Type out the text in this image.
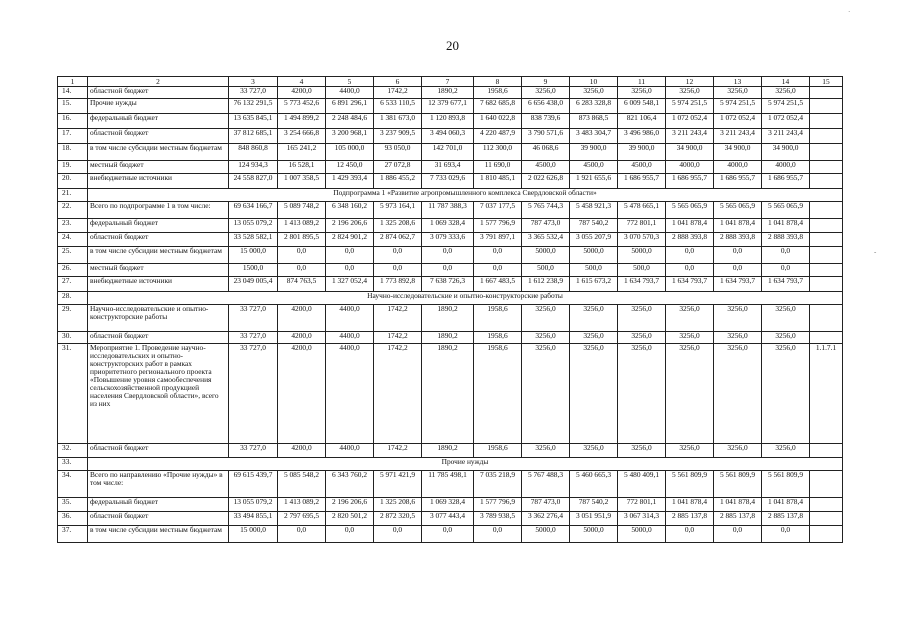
20
1	2	3	4	5	6	7	8	9	10	11	12	13	14	15
14.	областной бюджет	33 727,0	4200,0	4400,0	1742,2	1890,2	1958,6	3256,0	3256,0	3256,0	3256,0	3256,0	3256,0	
15.	Прочие нужды	76 132 291,5	5 773 452,6	6 891 296,1	6 533 110,5	12 379 677,1	7 682 685,8	6 656 438,0	6 283 328,8	6 009 548,1	5 974 251,5	5 974 251,5	5 974 251,5	
16.	федеральный бюджет	13 635 845,1	1 494 899,2	2 248 484,6	1 381 673,0	1 120 893,8	1 640 022,8	838 739,6	873 868,5	821 106,4	1 072 052,4	1 072 052,4	1 072 052,4	
17.	областной бюджет	37 812 685,1	3 254 666,8	3 200 968,1	3 237 909,5	3 494 060,3	4 220 487,9	3 790 571,6	3 483 304,7	3 496 986,0	3 211 243,4	3 211 243,4	3 211 243,4	
18.	в том числе субсидии местным бюджетам	848 860,8	165 241,2	105 000,0	93 050,0	142 701,0	112 300,0	46 068,6	39 900,0	39 900,0	34 900,0	34 900,0	34 900,0	
19.	местный бюджет	124 934,3	16 528,1	12 450,0	27 072,8	31 693,4	11 690,0	4500,0	4500,0	4500,0	4000,0	4000,0	4000,0	
20.	внебюджетные источники	24 558 827,0	1 007 358,5	1 429 393,4	1 886 455,2	7 733 029,6	1 810 485,1	2 022 626,8	1 921 655,6	1 686 955,7	1 686 955,7	1 686 955,7	1 686 955,7	
21.	Подпрограмма 1 «Развитие агропромышленного комплекса Свердловской области»													
22.	Всего по подпрограмме 1 в том числе:	69 634 166,7	5 089 748,2	6 348 160,2	5 973 164,1	11 787 388,3	7 037 177,5	5 765 744,3	5 458 921,3	5 478 665,1	5 565 065,9	5 565 065,9	5 565 065,9	
23.	федеральный бюджет	13 055 079,2	1 413 089,2	2 196 206,6	1 325 208,6	1 069 328,4	1 577 796,9	787 473,0	787 540,2	772 801,1	1 041 878,4	1 041 878,4	1 041 878,4	
24.	областной бюджет	33 528 582,1	2 801 895,5	2 824 901,2	2 874 062,7	3 079 333,6	3 791 897,1	3 365 532,4	3 055 207,9	3 070 570,3	2 888 393,8	2 888 393,8	2 888 393,8	
25.	в том числе субсидии местным бюджетам	15 000,0	0,0	0,0	0,0	0,0	0,0	5000,0	5000,0	5000,0	0,0	0,0	0,0	
26.	местный бюджет	1500,0	0,0	0,0	0,0	0,0	0,0	500,0	500,0	500,0	0,0	0,0	0,0	
27.	внебюджетные источники	23 049 005,4	874 763,5	1 327 052,4	1 773 892,8	7 638 726,3	1 667 483,5	1 612 238,9	1 615 673,2	1 634 793,7	1 634 793,7	1 634 793,7	1 634 793,7	
28.	Научно-исследовательские и опытно-конструкторские работы													
29.	Научно-исследовательские и опытно-конструкторские работы	33 727,0	4200,0	4400,0	1742,2	1890,2	1958,6	3256,0	3256,0	3256,0	3256,0	3256,0	3256,0	
30.	областной бюджет	33 727,0	4200,0	4400,0	1742,2	1890,2	1958,6	3256,0	3256,0	3256,0	3256,0	3256,0	3256,0	
31.	Мероприятие 1. Проведение научно-исследовательских и опытно-конструкторских работ в рамках приоритетного регионального проекта «Повышение уровня самообеспечения сельскохозяйственной продукцией населения Свердловской области», всего из них	33 727,0	4200,0	4400,0	1742,2	1890,2	1958,6	3256,0	3256,0	3256,0	3256,0	3256,0	3256,0	1.1.7.1
32.	областной бюджет	33 727,0	4200,0	4400,0	1742,2	1890,2	1958,6	3256,0	3256,0	3256,0	3256,0	3256,0	3256,0	
33.	Прочие нужды													
34.	Всего по направлению «Прочие нужды» в том числе:	69 615 439,7	5 085 548,2	6 343 760,2	5 971 421,9	11 785 498,1	7 035 218,9	5 767 488,3	5 460 665,3	5 480 409,1	5 561 809,9	5 561 809,9	5 561 809,9	
35.	федеральный бюджет	13 055 079,2	1 413 089,2	2 196 206,6	1 325 208,6	1 069 328,4	1 577 796,9	787 473,0	787 540,2	772 801,1	1 041 878,4	1 041 878,4	1 041 878,4	
36.	областной бюджет	33 494 855,1	2 797 695,5	2 820 501,2	2 872 320,5	3 077 443,4	3 789 938,5	3 362 276,4	3 051 951,9	3 067 314,3	2 885 137,8	2 885 137,8	2 885 137,8	
37.	в том числе субсидии местным бюджетам	15 000,0	0,0	0,0	0,0	0,0	0,0	5000,0	5000,0	5000,0	0,0	0,0	0,0	
·
-
